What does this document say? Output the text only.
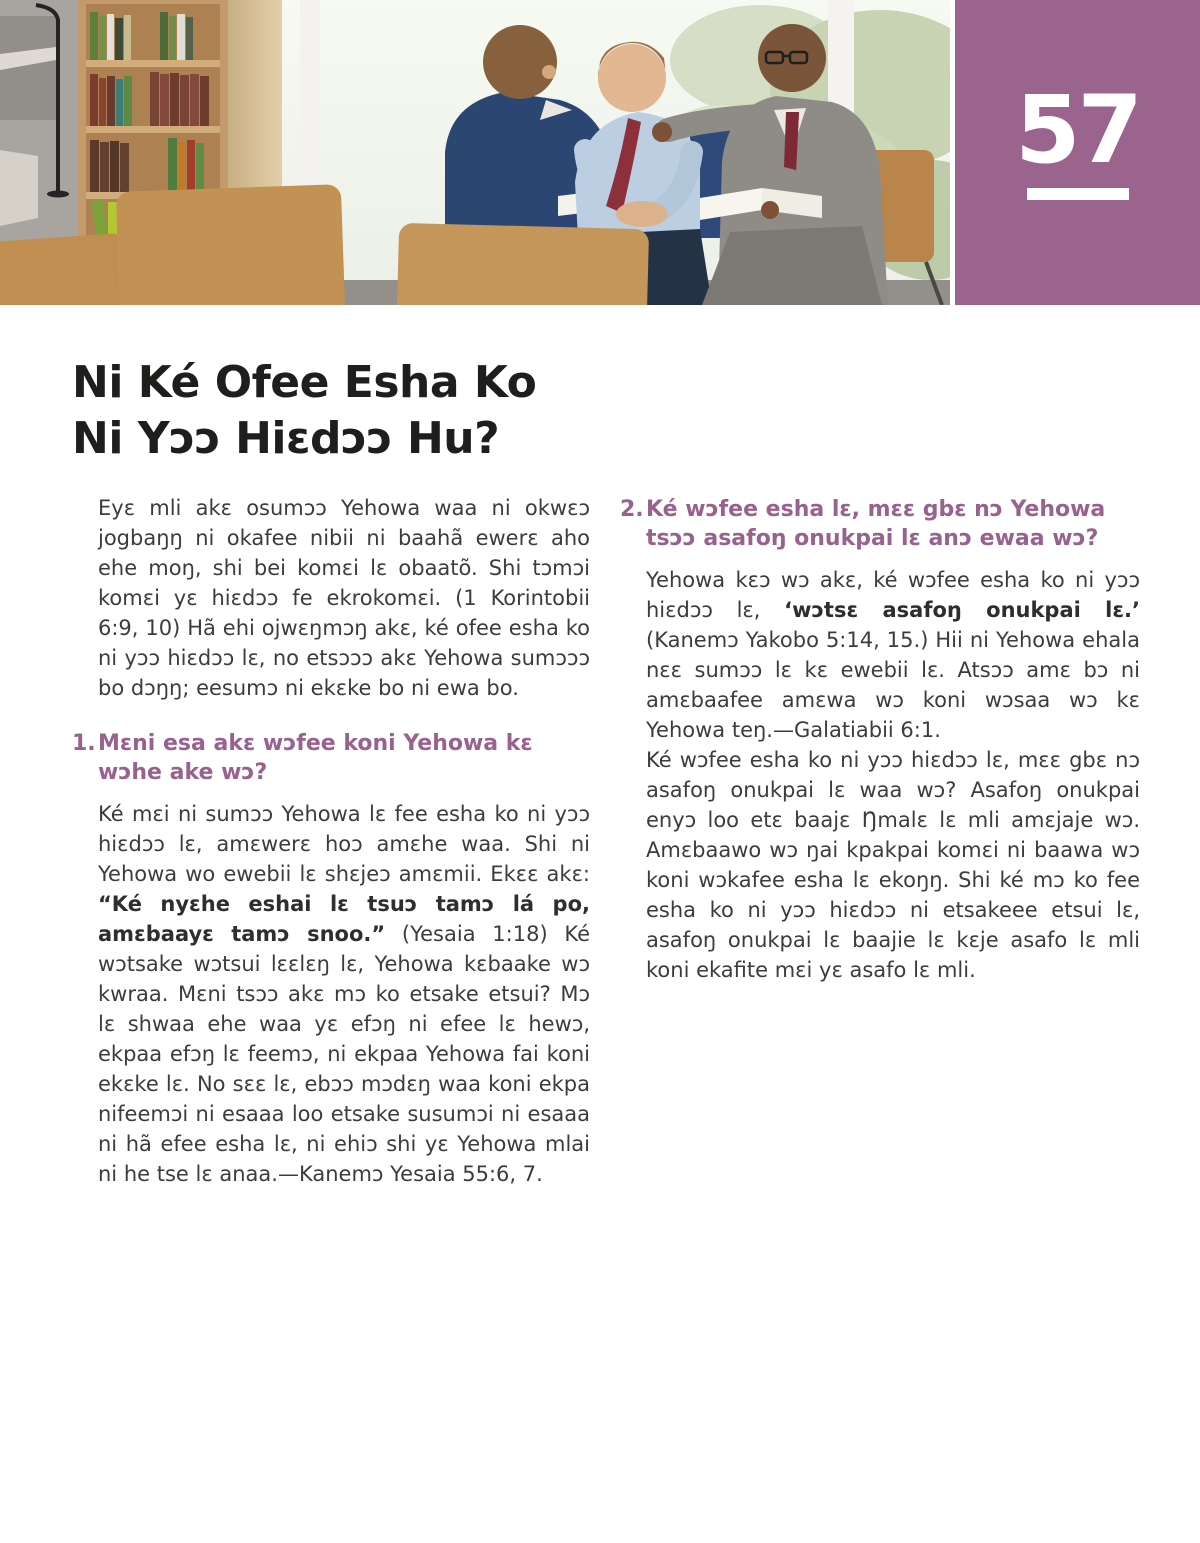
57
Ni Ké Ofee Esha Ko
Ni Yɔɔ Hiɛdɔɔ Hu?

Eyɛ mli akɛ osumɔɔ Yehowa waa ni okwɛɔ jogbaŋŋ ni okafee nibii ni baahã ewerɛ aho ehe moŋ, shi bei komɛi lɛ obaatõ. Shi tɔmɔi komɛi yɛ hiɛdɔɔ fe ekrokomɛi. (1 Korintobii 6:9, 10) Hã ehi ojwɛŋmɔŋ akɛ, ké ofee esha ko ni yɔɔ hiɛdɔɔ lɛ, no etsɔɔɔ akɛ Yehowa sumɔɔɔ bo dɔŋŋ; eesumɔ ni ekɛke bo ni ewa bo.

1. Mɛni esa akɛ wɔfee koni Yehowa kɛ wɔhe ake wɔ?

Ké mɛi ni sumɔɔ Yehowa lɛ fee esha ko ni yɔɔ hiɛdɔɔ lɛ, amɛwerɛ hoɔ amɛhe waa. Shi ni Yehowa wo ewebii lɛ shɛjeɔ amɛmii. Ekɛɛ akɛ: “Ké nyɛhe eshai lɛ tsuɔ tamɔ lá po, amɛbaayɛ tamɔ snoo.” (Yesaia 1:18) Ké wɔtsake wɔtsui lɛɛlɛŋ lɛ, Yehowa kɛbaake wɔ kwraa. Mɛni tsɔɔ akɛ mɔ ko etsake etsui? Mɔ lɛ shwaa ehe waa yɛ efɔŋ ni efee lɛ hewɔ, ekpaa efɔŋ lɛ feemɔ, ni ekpaa Yehowa fai koni ekɛke lɛ. No sɛɛ lɛ, ebɔɔ mɔdɛŋ waa koni ekpa nifeemɔi ni esaaa loo etsake susumɔi ni esaaa ni hã efee esha lɛ, ni ehiɔ shi yɛ Yehowa mlai ni he tse lɛ anaa.—Kanemɔ Yesaia 55:6, 7.

2. Ké wɔfee esha lɛ, mɛɛ gbɛ nɔ Yehowa tsɔɔ asafoŋ onukpai lɛ anɔ ewaa wɔ?

Yehowa kɛɔ wɔ akɛ, ké wɔfee esha ko ni yɔɔ hiɛdɔɔ lɛ, ‘wɔtsɛ asafoŋ onukpai lɛ.’ (Kanemɔ Yakobo 5:14, 15.) Hii ni Yehowa ehala nɛɛ sumɔɔ lɛ kɛ ewebii lɛ. Atsɔɔ amɛ bɔ ni amɛbaafee amɛwa wɔ koni wɔsaa wɔ kɛ Yehowa teŋ.—Galatiabii 6:1.

Ké wɔfee esha ko ni yɔɔ hiɛdɔɔ lɛ, mɛɛ gbɛ nɔ asafoŋ onukpai lɛ waa wɔ? Asafoŋ onukpai enyɔ loo etɛ baajɛ Ŋmalɛ lɛ mli amɛjaje wɔ. Amɛbaawo wɔ ŋai kpakpai komɛi ni baawa wɔ koni wɔkafee esha lɛ ekoŋŋ. Shi ké mɔ ko fee esha ko ni yɔɔ hiɛdɔɔ ni etsakeee etsui lɛ, asafoŋ onukpai lɛ baajie lɛ kɛje asafo lɛ mli koni ekafite mɛi yɛ asafo lɛ mli.
